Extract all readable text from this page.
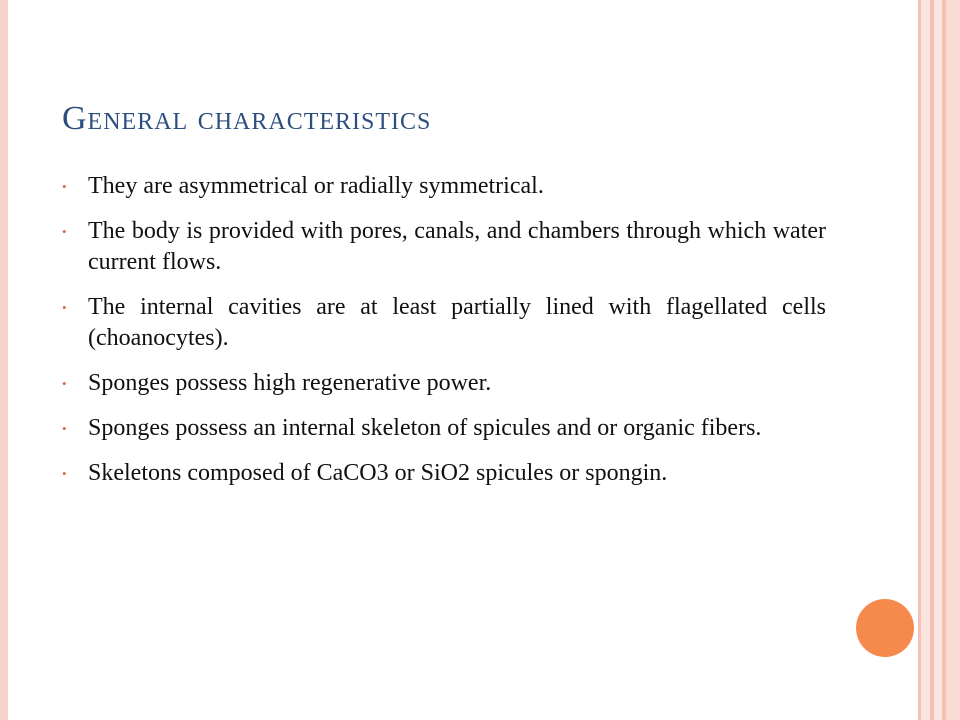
General characteristics
• They are asymmetrical or radially symmetrical.
• The body is provided with pores, canals, and chambers through which water current flows.
• The internal cavities are at least partially lined with flagellated cells (choanocytes).
• Sponges possess high regenerative power.
• Sponges possess an internal skeleton of spicules and or organic fibers.
• Skeletons composed of CaCO3 or SiO2 spicules or spongin.
